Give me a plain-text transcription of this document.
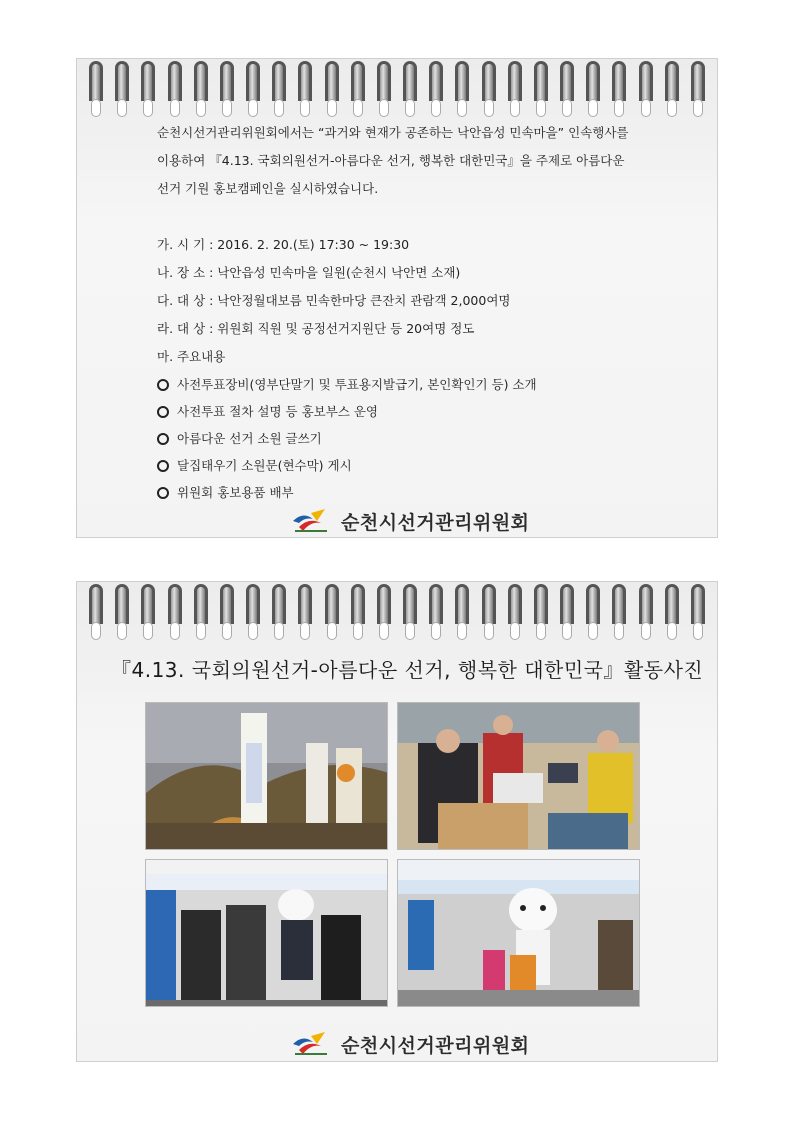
순천시선거관리위원회에서는 “과거와 현재가 공존하는 낙안읍성 민속마을” 인속행사를

이용하여 『4.13. 국회의원선거-아름다운 선거, 행복한 대한민국』을 주제로 아름다운

선거 기원 홍보캠페인을 실시하였습니다.

가. 시 기 : 2016. 2. 20.(토) 17:30 ~ 19:30

나. 장 소 : 낙안읍성 민속마을 일원(순천시 낙안면 소재)

다. 대 상 : 낙안정월대보름 민속한마당 큰잔치 관람객 2,000여명

라. 대 상 : 위원회 직원 및 공정선거지원단 등 20여명 정도

마. 주요내용

사전투표장비(영부단말기 및 투표용지발급기, 본인확인기 등) 소개
사전투표 절차 설명 등 홍보부스 운영
아름다운 선거 소원 글쓰기
달집태우기 소원문(현수막) 게시
위원회 홍보용품 배부
순천시선거관리위원회
『4.13. 국회의원선거-아름다운 선거, 행복한 대한민국』활동사진
순천시선거관리위원회
